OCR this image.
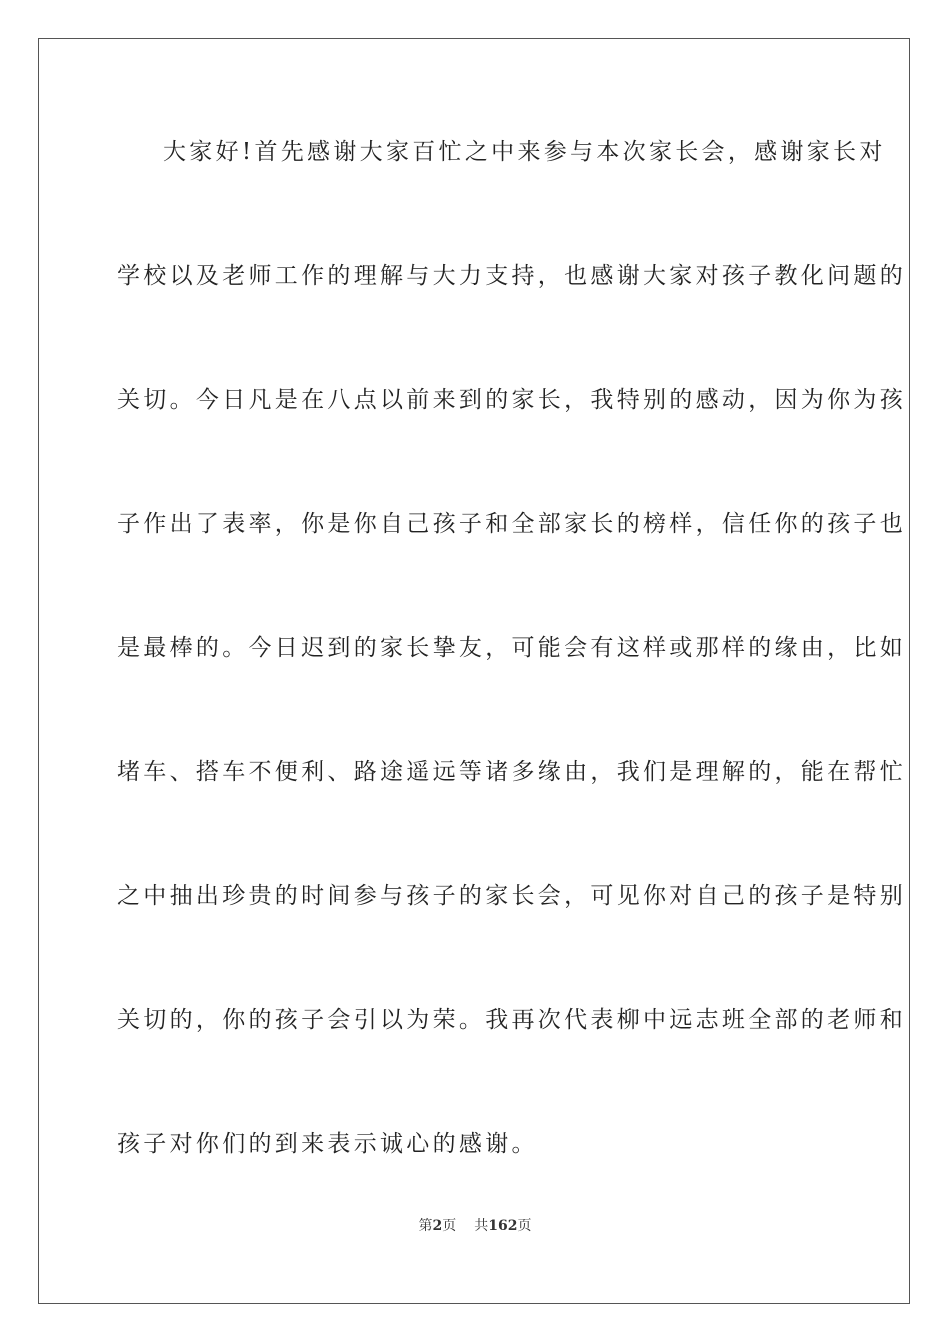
大家好!首先感谢大家百忙之中来参与本次家长会，感谢家长对
学校以及老师工作的理解与大力支持，也感谢大家对孩子教化问题的
关切。今日凡是在八点以前来到的家长，我特别的感动，因为你为孩
子作出了表率，你是你自己孩子和全部家长的榜样，信任你的孩子也
是最棒的。今日迟到的家长挚友，可能会有这样或那样的缘由，比如
堵车、搭车不便利、路途遥远等诸多缘由，我们是理解的，能在帮忙
之中抽出珍贵的时间参与孩子的家长会，可见你对自己的孩子是特别
关切的，你的孩子会引以为荣。我再次代表柳中远志班全部的老师和
孩子对你们的到来表示诚心的感谢。
第2页 共162页
